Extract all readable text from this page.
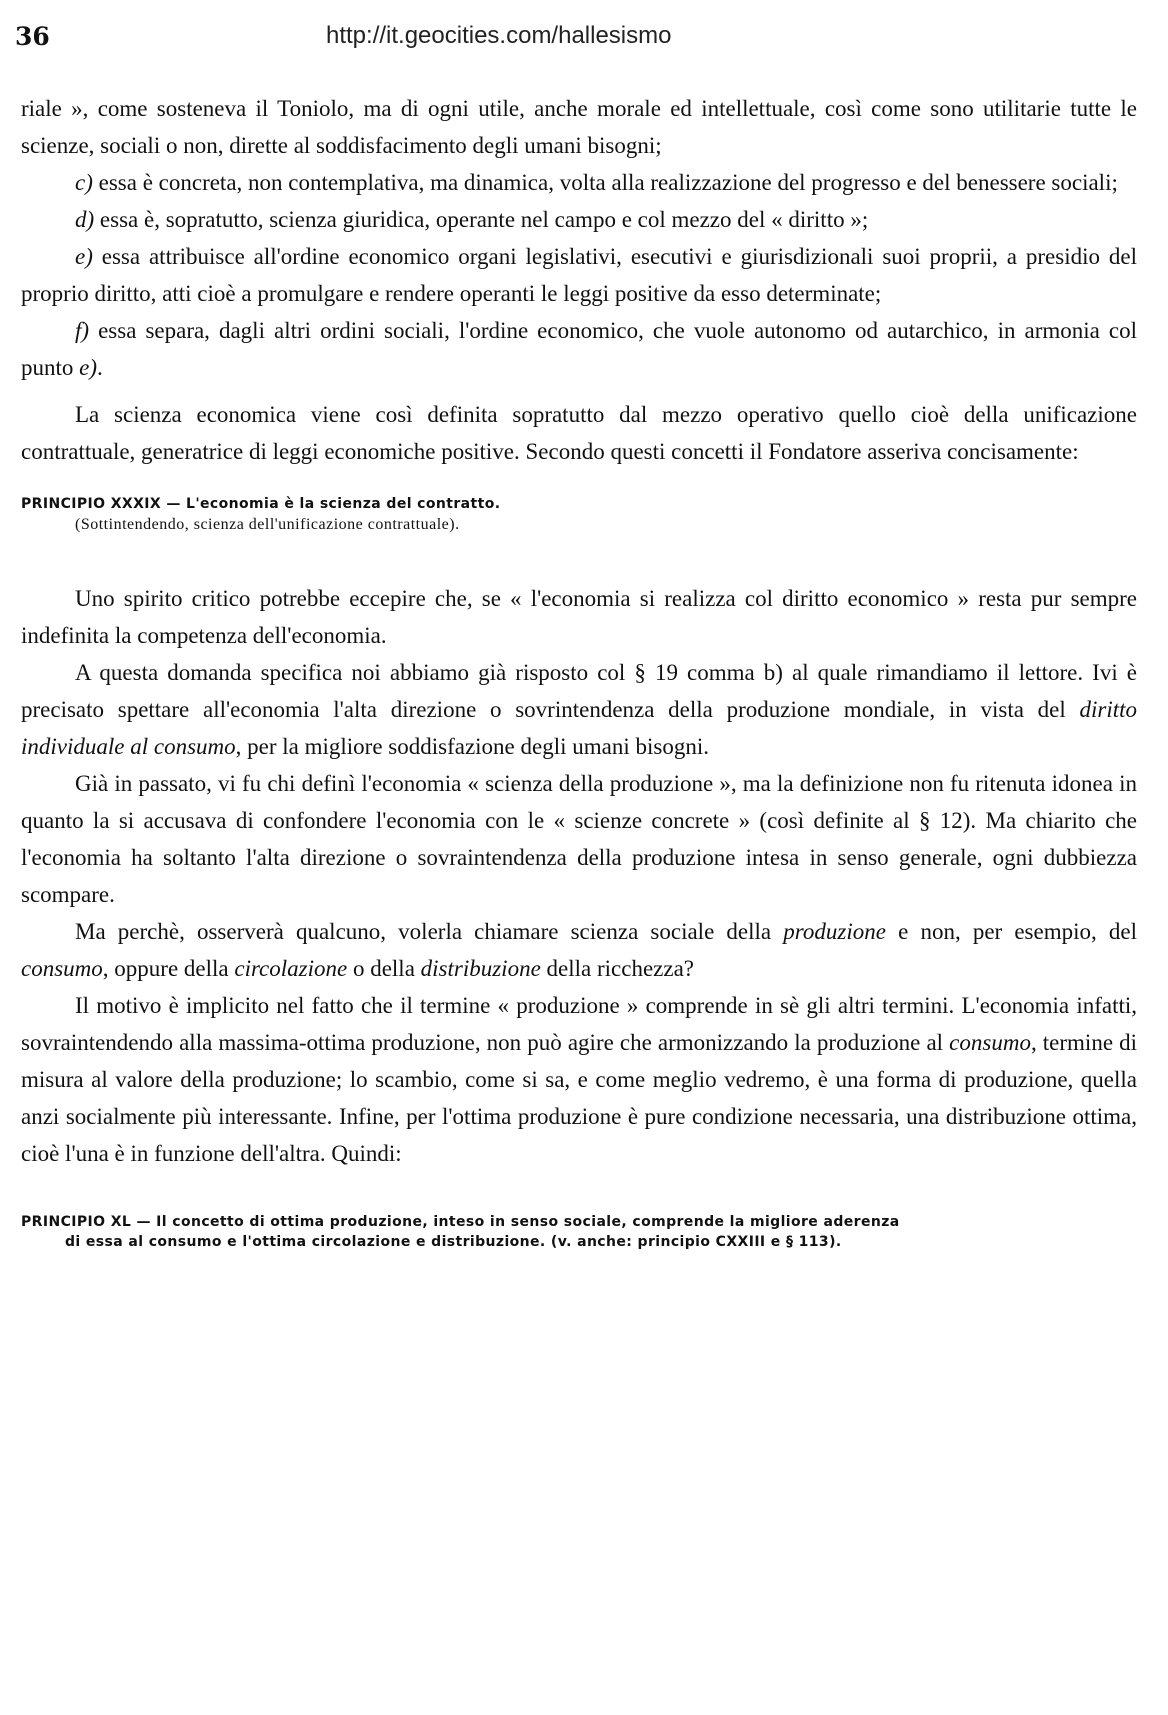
36	http://it.geocities.com/hallesismo

riale », come sosteneva il Toniolo, ma di ogni utile, anche morale ed intellettuale, così come sono utilitarie tutte le scienze, sociali o non, dirette al soddisfacimento degli umani bisogni;

c) essa è concreta, non contemplativa, ma dinamica, volta alla realizzazione del progresso e del benessere sociali;

d) essa è, sopratutto, scienza giuridica, operante nel campo e col mezzo del « diritto »;

e) essa attribuisce all'ordine economico organi legislativi, esecutivi e giurisdizionali suoi proprii, a presidio del proprio diritto, atti cioè a promulgare e rendere operanti le leggi positive da esso determinate;

f) essa separa, dagli altri ordini sociali, l'ordine economico, che vuole autonomo od autarchico, in armonia col punto e).

La scienza economica viene così definita sopratutto dal mezzo operativo quello cioè della unificazione contrattuale, generatrice di leggi economiche positive. Secondo questi concetti il Fondatore asseriva concisamente:

PRINCIPIO XXXIX — L'economia è la scienza del contratto.

(Sottintendendo, scienza dell'unificazione contrattuale).

Uno spirito critico potrebbe eccepire che, se « l'economia si realizza col diritto economico » resta pur sempre indefinita la competenza dell'economia.

A questa domanda specifica noi abbiamo già risposto col § 19 comma b) al quale rimandiamo il lettore. Ivi è precisato spettare all'economia l'alta direzione o sovrintendenza della produzione mondiale, in vista del diritto individuale al consumo, per la migliore soddisfazione degli umani bisogni.

Già in passato, vi fu chi definì l'economia « scienza della produzione », ma la definizione non fu ritenuta idonea in quanto la si accusava di confondere l'economia con le « scienze concrete » (così definite al § 12). Ma chiarito che l'economia ha soltanto l'alta direzione o sovraintendenza della produzione intesa in senso generale, ogni dubbiezza scompare.

Ma perchè, osserverà qualcuno, volerla chiamare scienza sociale della produzione e non, per esempio, del consumo, oppure della circolazione o della distribuzione della ricchezza?

Il motivo è implicito nel fatto che il termine « produzione » comprende in sè gli altri termini. L'economia infatti, sovraintendendo alla massima-ottima produzione, non può agire che armonizzando la produzione al consumo, termine di misura al valore della produzione; lo scambio, come si sa, e come meglio vedremo, è una forma di produzione, quella anzi socialmente più interessante. Infine, per l'ottima produzione è pure condizione necessaria, una distribuzione ottima, cioè l'una è in funzione dell'altra. Quindi:

PRINCIPIO XL — Il concetto di ottima produzione, inteso in senso sociale, comprende la migliore aderenza

di essa al consumo e l'ottima circolazione e distribuzione. (v. anche: principio CXXIII e § 113).
